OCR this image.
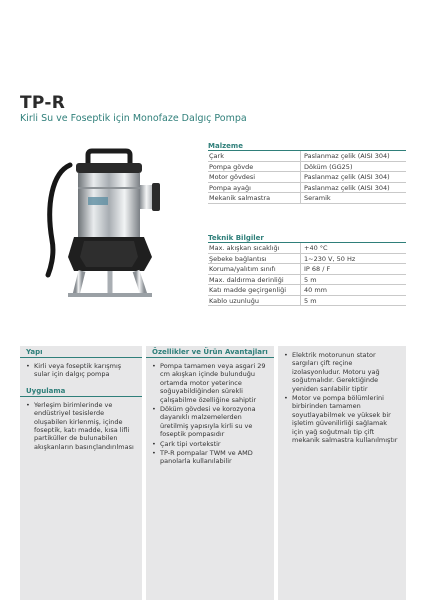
TP-R
Kirli Su ve Foseptik için Monofaze Dalgıç Pompa
Malzeme
Çark	Paslanmaz çelik (AISI 304)
Pompa gövde	Döküm (GG25)
Motor gövdesi	Paslanmaz çelik (AISI 304)
Pompa ayağı	Paslanmaz çelik (AISI 304)
Mekanik salmastra	Seramik
Teknik Bilgiler
Max. akışkan sıcaklığı	+40 °C
Şebeke bağlantısı	1~230 V, 50 Hz
Koruma/yalıtım sınıfı	IP 68 / F
Max. daldırma derinliği	5 m
Katı madde geçirgenliği	40 mm
Kablo uzunluğu	5 m
Yapı
• Kirli veya foseptik karışmış sular için dalgıç pompa
Uygulama
• Yerleşim birimlerinde ve endüstriyel tesislerde oluşabilen kirlenmiş, içinde foseptik, katı madde, kısa lifli partiküller de bulunabilen akışkanların basınçlandırılması
Özellikler ve Ürün Avantajları
• Pompa tamamen veya asgari 29 cm akışkan içinde bulunduğu ortamda motor yeterince soğuyabildiğinden sürekli çalışabilme özelliğine sahiptir
• Döküm gövdesi ve korozyona dayanıklı malzemelerden üretilmiş yapısıyla kirli su ve foseptik pompasıdır
• Çark tipi vortekstir
• TP-R pompalar TWM ve AMD panolarla kullanılabilir
• Elektrik motorunun stator sargıları çift reçine izolasyonludur. Motoru yağ soğutmalıdır. Gerektiğinde yeniden sarılabilir tiptir
• Motor ve pompa bölümlerini birbirinden tamamen soyutlayabilmek ve yüksek bir işletim güvenilirliği sağlamak için yağ soğutmalı tip çift mekanik salmastra kullanılmıştır
